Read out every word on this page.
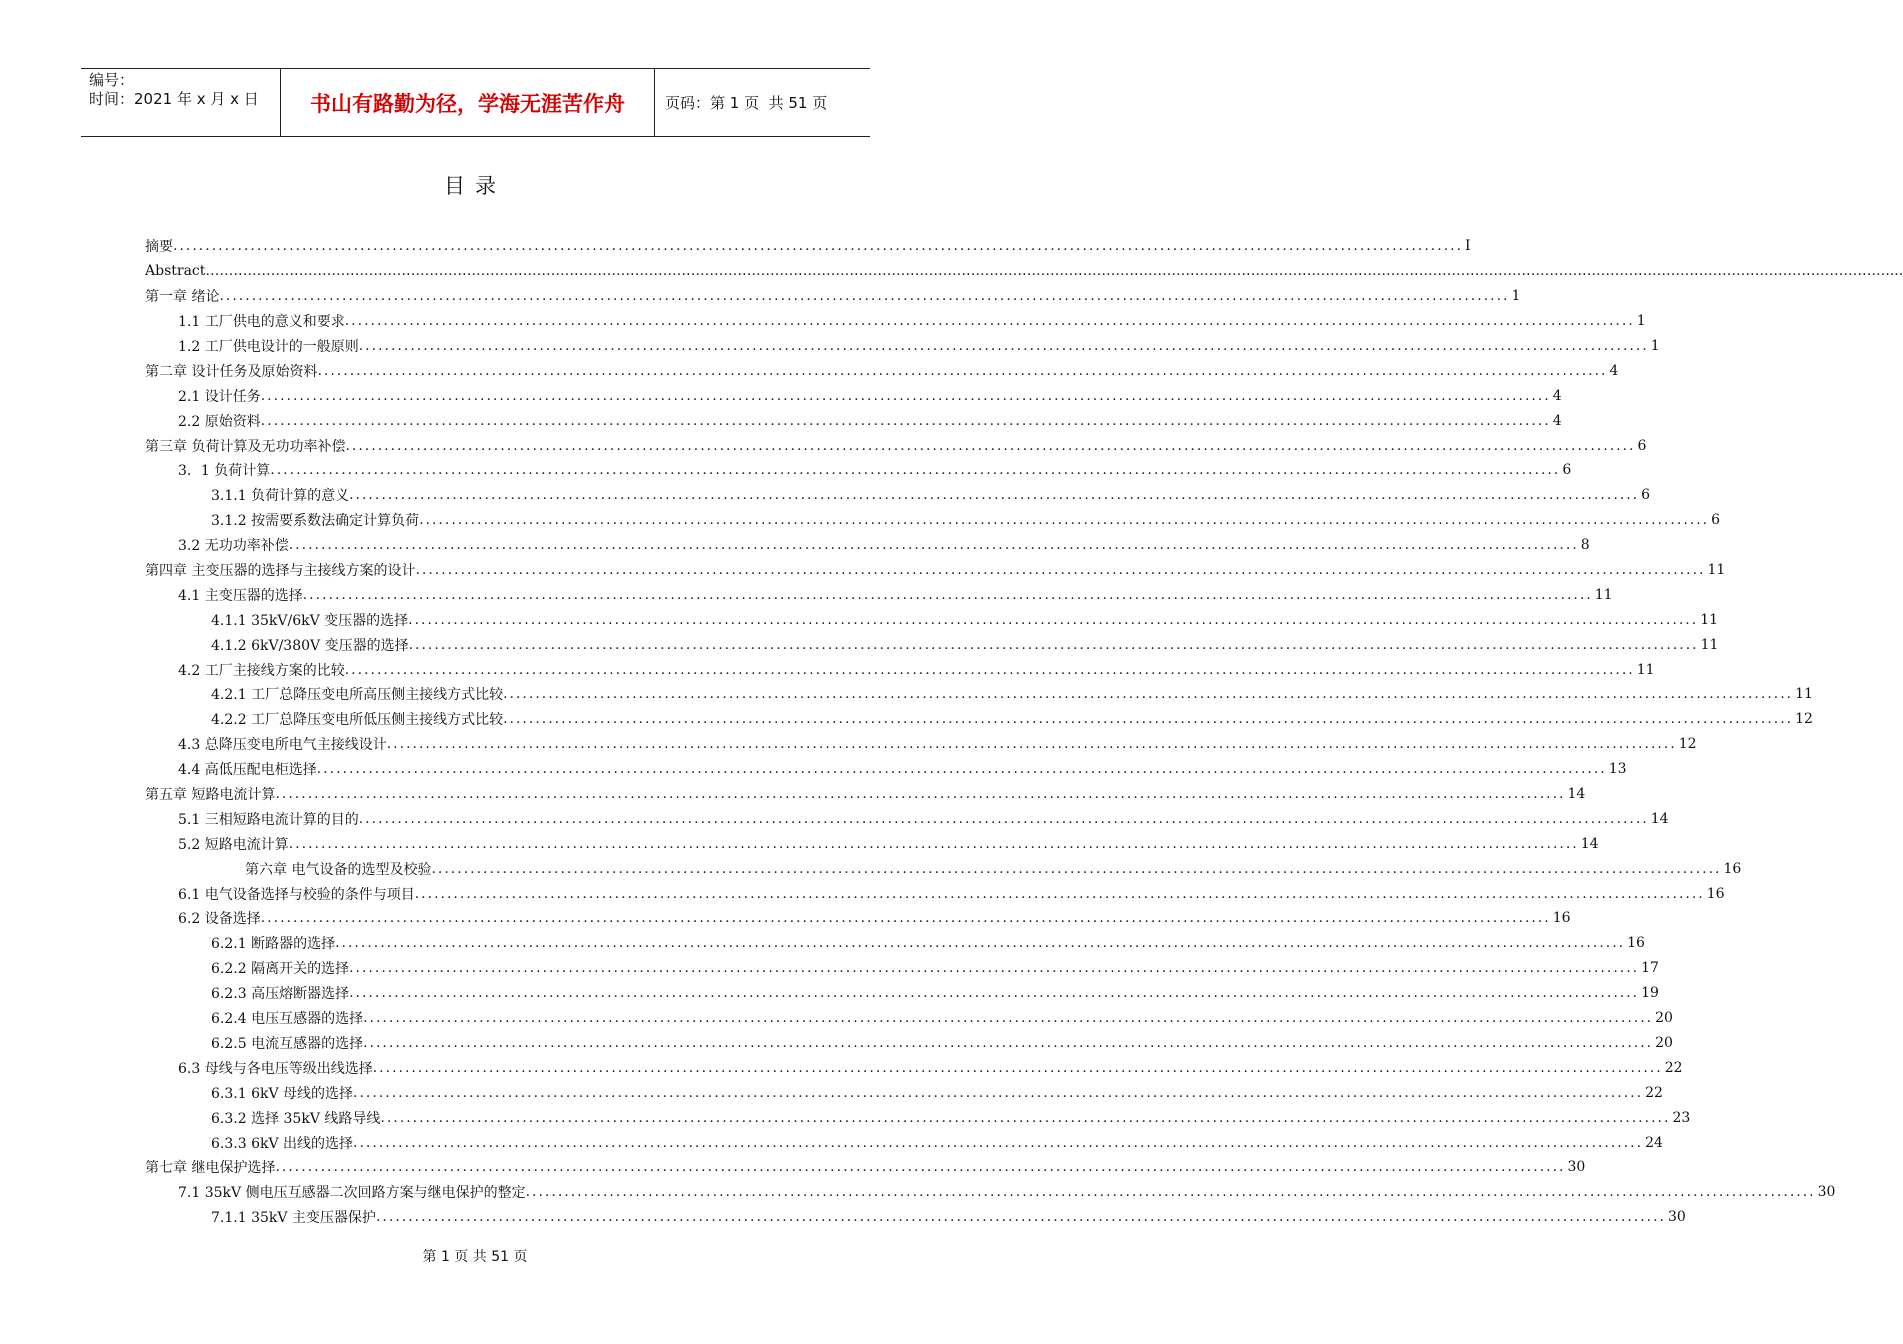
编号：
时间：2021 年 x 月 x 日	书山有路勤为径，学海无涯苦作舟	页码：第 1 页  共 51 页
目录
摘要 ........................................................................................................................................................................................................ I
Abstract ………………………………………………………………………………………………………………………………………………………………………………………………………………………………………………………………………………………………………………………………....
第一章 绪论 ........................................................................................................................................................................................................ 1
1.1 工厂供电的意义和要求 ........................................................................................................................................................................................................ 1
1.2 工厂供电设计的一般原则 ........................................................................................................................................................................................................ 1
第二章 设计任务及原始资料 ........................................................................................................................................................................................................ 4
2.1 设计任务 ........................................................................................................................................................................................................ 4
2.2 原始资料 ........................................................................................................................................................................................................ 4
第三章 负荷计算及无功功率补偿 ........................................................................................................................................................................................................ 6
3．1 负荷计算 ........................................................................................................................................................................................................ 6
3.1.1 负荷计算的意义 ........................................................................................................................................................................................................ 6
3.1.2 按需要系数法确定计算负荷 ........................................................................................................................................................................................................ 6
3.2 无功功率补偿 ........................................................................................................................................................................................................ 8
第四章 主变压器的选择与主接线方案的设计 ........................................................................................................................................................................................................ 11
4.1 主变压器的选择 ........................................................................................................................................................................................................ 11
4.1.1 35kV/6kV 变压器的选择 ........................................................................................................................................................................................................ 11
4.1.2 6kV/380V 变压器的选择 ........................................................................................................................................................................................................ 11
4.2 工厂主接线方案的比较 ........................................................................................................................................................................................................ 11
4.2.1 工厂总降压变电所高压侧主接线方式比较 ........................................................................................................................................................................................................ 11
4.2.2 工厂总降压变电所低压侧主接线方式比较 ........................................................................................................................................................................................................ 12
4.3 总降压变电所电气主接线设计 ........................................................................................................................................................................................................ 12
4.4 高低压配电柜选择 ........................................................................................................................................................................................................ 13
第五章 短路电流计算 ........................................................................................................................................................................................................ 14
5.1 三相短路电流计算的目的 ........................................................................................................................................................................................................ 14
5.2 短路电流计算 ........................................................................................................................................................................................................ 14
第六章 电气设备的选型及校验 ........................................................................................................................................................................................................ 16
6.1 电气设备选择与校验的条件与项目 ........................................................................................................................................................................................................ 16
6.2 设备选择 ........................................................................................................................................................................................................ 16
6.2.1 断路器的选择 ........................................................................................................................................................................................................ 16
6.2.2 隔离开关的选择 ........................................................................................................................................................................................................ 17
6.2.3 高压熔断器选择 ........................................................................................................................................................................................................ 19
6.2.4 电压互感器的选择 ........................................................................................................................................................................................................ 20
6.2.5 电流互感器的选择 ........................................................................................................................................................................................................ 20
6.3 母线与各电压等级出线选择 ........................................................................................................................................................................................................ 22
6.3.1 6kV 母线的选择 ........................................................................................................................................................................................................ 22
6.3.2 选择 35kV 线路导线 ........................................................................................................................................................................................................ 23
6.3.3 6kV 出线的选择 ........................................................................................................................................................................................................ 24
第七章 继电保护选择 ........................................................................................................................................................................................................ 30
7.1 35kV 侧电压互感器二次回路方案与继电保护的整定 ........................................................................................................................................................................................................ 30
7.1.1 35kV 主变压器保护 ........................................................................................................................................................................................................ 30
第 1 页 共 51 页
